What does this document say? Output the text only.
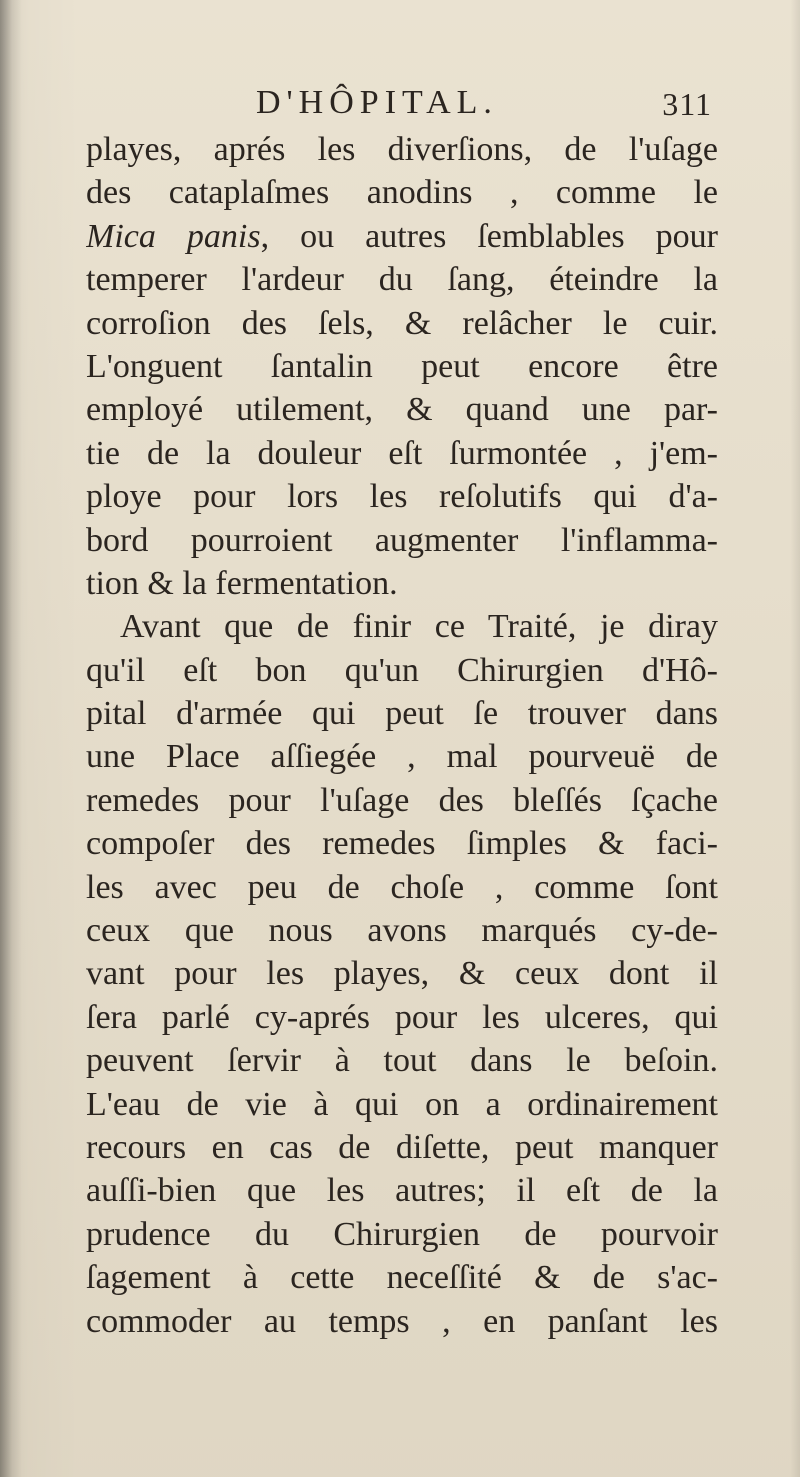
D'HÔPITAL.	311
playes, aprés les diverſions, de l'uſage
des cataplaſmes anodins , comme le
Mica panis, ou autres ſemblables pour
temperer l'ardeur du ſang, éteindre la
corroſion des ſels, & relâcher le cuir.
L'onguent ſantalin peut encore être
employé utilement, & quand une par-
tie de la douleur eſt ſurmontée , j'em-
ploye pour lors les reſolutifs qui d'a-
bord pourroient augmenter l'inflamma-
tion & la fermentation.
Avant que de finir ce Traité, je diray
qu'il eſt bon qu'un Chirurgien d'Hô-
pital d'armée qui peut ſe trouver dans
une Place aſſiegée , mal pourveuë de
remedes pour l'uſage des bleſſés ſçache
compoſer des remedes ſimples & faci-
les avec peu de choſe , comme ſont
ceux que nous avons marqués cy-de-
vant pour les playes, & ceux dont il
ſera parlé cy-aprés pour les ulceres, qui
peuvent ſervir à tout dans le beſoin.
L'eau de vie à qui on a ordinairement
recours en cas de diſette, peut manquer
auſſi-bien que les autres; il eſt de la
prudence du Chirurgien de pourvoir
ſagement à cette neceſſité & de s'ac-
commoder au temps , en panſant les
